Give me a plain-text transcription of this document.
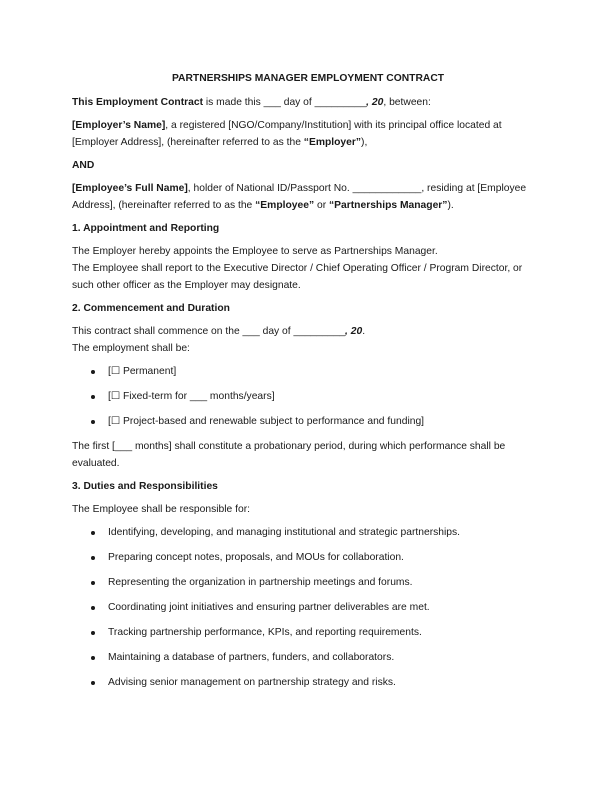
PARTNERSHIPS MANAGER EMPLOYMENT CONTRACT

This Employment Contract is made this ___ day of _________, 20, between:

[Employer’s Name], a registered [NGO/Company/Institution] with its principal office located at [Employer Address], (hereinafter referred to as the “Employer”),

AND

[Employee’s Full Name], holder of National ID/Passport No. ____________, residing at [Employee Address], (hereinafter referred to as the “Employee” or “Partnerships Manager”).

1. Appointment and Reporting

The Employer hereby appoints the Employee to serve as Partnerships Manager.

The Employee shall report to the Executive Director / Chief Operating Officer / Program Director, or such other officer as the Employer may designate.

2. Commencement and Duration

This contract shall commence on the ___ day of _________, 20.

The employment shall be:

[☐ Permanent]
[☐ Fixed-term for ___ months/years]
[☐ Project-based and renewable subject to performance and funding]

The first [___ months] shall constitute a probationary period, during which performance shall be evaluated.

3. Duties and Responsibilities

The Employee shall be responsible for:

Identifying, developing, and managing institutional and strategic partnerships.
Preparing concept notes, proposals, and MOUs for collaboration.
Representing the organization in partnership meetings and forums.
Coordinating joint initiatives and ensuring partner deliverables are met.
Tracking partnership performance, KPIs, and reporting requirements.
Maintaining a database of partners, funders, and collaborators.
Advising senior management on partnership strategy and risks.
